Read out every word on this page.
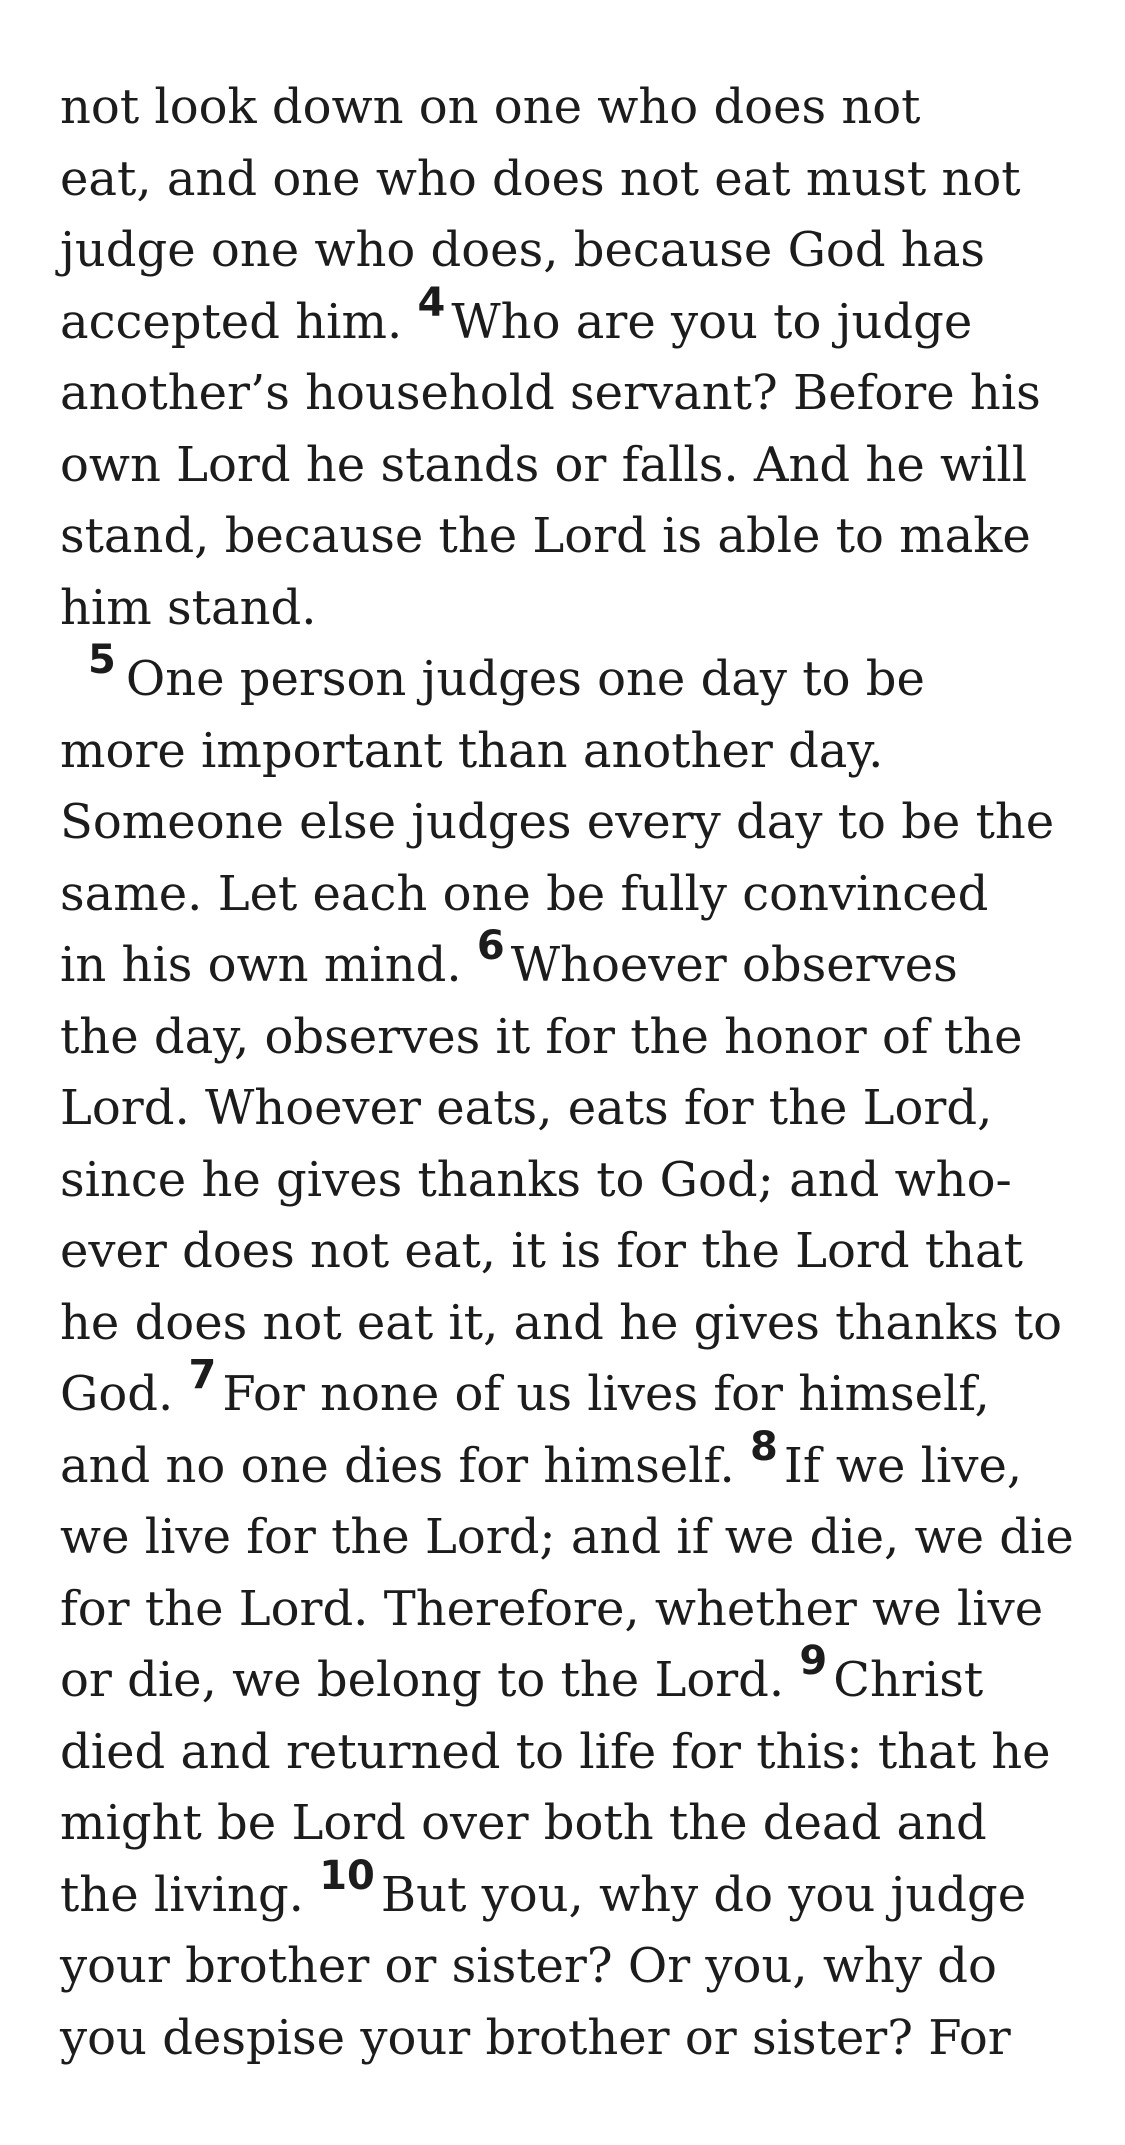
not look down on one who does not
eat, and one who does not eat must not
judge one who does, because God has
accepted him. $^4$ Who are you to judge
another’s household servant? Before his
own Lord he stands or falls. And he will
stand, because the Lord is able to make
him stand.
$^5$ One person judges one day to be
more important than another day.
Someone else judges every day to be the
same. Let each one be fully convinced
in his own mind. $^6$ Whoever observes
the day, observes it for the honor of the
Lord. Whoever eats, eats for the Lord,
since he gives thanks to God; and who-
ever does not eat, it is for the Lord that
he does not eat it, and he gives thanks to
God. $^7$ For none of us lives for himself,
and no one dies for himself. $^8$ If we live,
we live for the Lord; and if we die, we die
for the Lord. Therefore, whether we live
or die, we belong to the Lord. $^9$ Christ
died and returned to life for this: that he
might be Lord over both the dead and
the living. $^{10}$ But you, why do you judge
your brother or sister? Or you, why do
you despise your brother or sister? For
